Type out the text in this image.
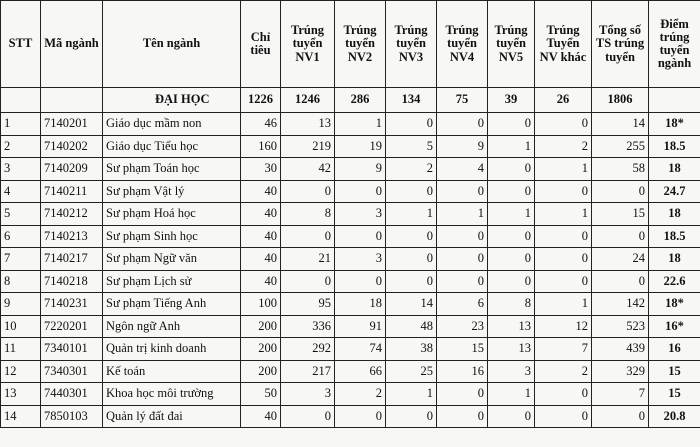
STT	Mã ngành	Tên ngành	Chỉ tiêu	Trúng tuyển NV1	Trúng tuyển NV2	Trúng tuyển NV3	Trúng tuyển NV4	Trúng tuyển NV5	Trúng Tuyển NV khác	Tổng số TS trúng tuyển	Điểm trúng tuyển ngành
		ĐẠI HỌC	1226	1246	286	134	75	39	26	1806	
1	7140201	Giáo dục mầm non	46	13	1	0	0	0	0	14	18*
2	7140202	Giáo dục Tiểu học	160	219	19	5	9	1	2	255	18.5
3	7140209	Sư phạm Toán học	30	42	9	2	4	0	1	58	18
4	7140211	Sư phạm Vật lý	40	0	0	0	0	0	0	0	24.7
5	7140212	Sư phạm Hoá học	40	8	3	1	1	1	1	15	18
6	7140213	Sư phạm Sinh học	40	0	0	0	0	0	0	0	18.5
7	7140217	Sư phạm Ngữ văn	40	21	3	0	0	0	0	24	18
8	7140218	Sư phạm Lịch sử	40	0	0	0	0	0	0	0	22.6
9	7140231	Sư phạm Tiếng Anh	100	95	18	14	6	8	1	142	18*
10	7220201	Ngôn ngữ Anh	200	336	91	48	23	13	12	523	16*
11	7340101	Quản trị kinh doanh	200	292	74	38	15	13	7	439	16
12	7340301	Kế toán	200	217	66	25	16	3	2	329	15
13	7440301	Khoa học môi trường	50	3	2	1	0	1	0	7	15
14	7850103	Quản lý đất đai	40	0	0	0	0	0	0	0	20.8
